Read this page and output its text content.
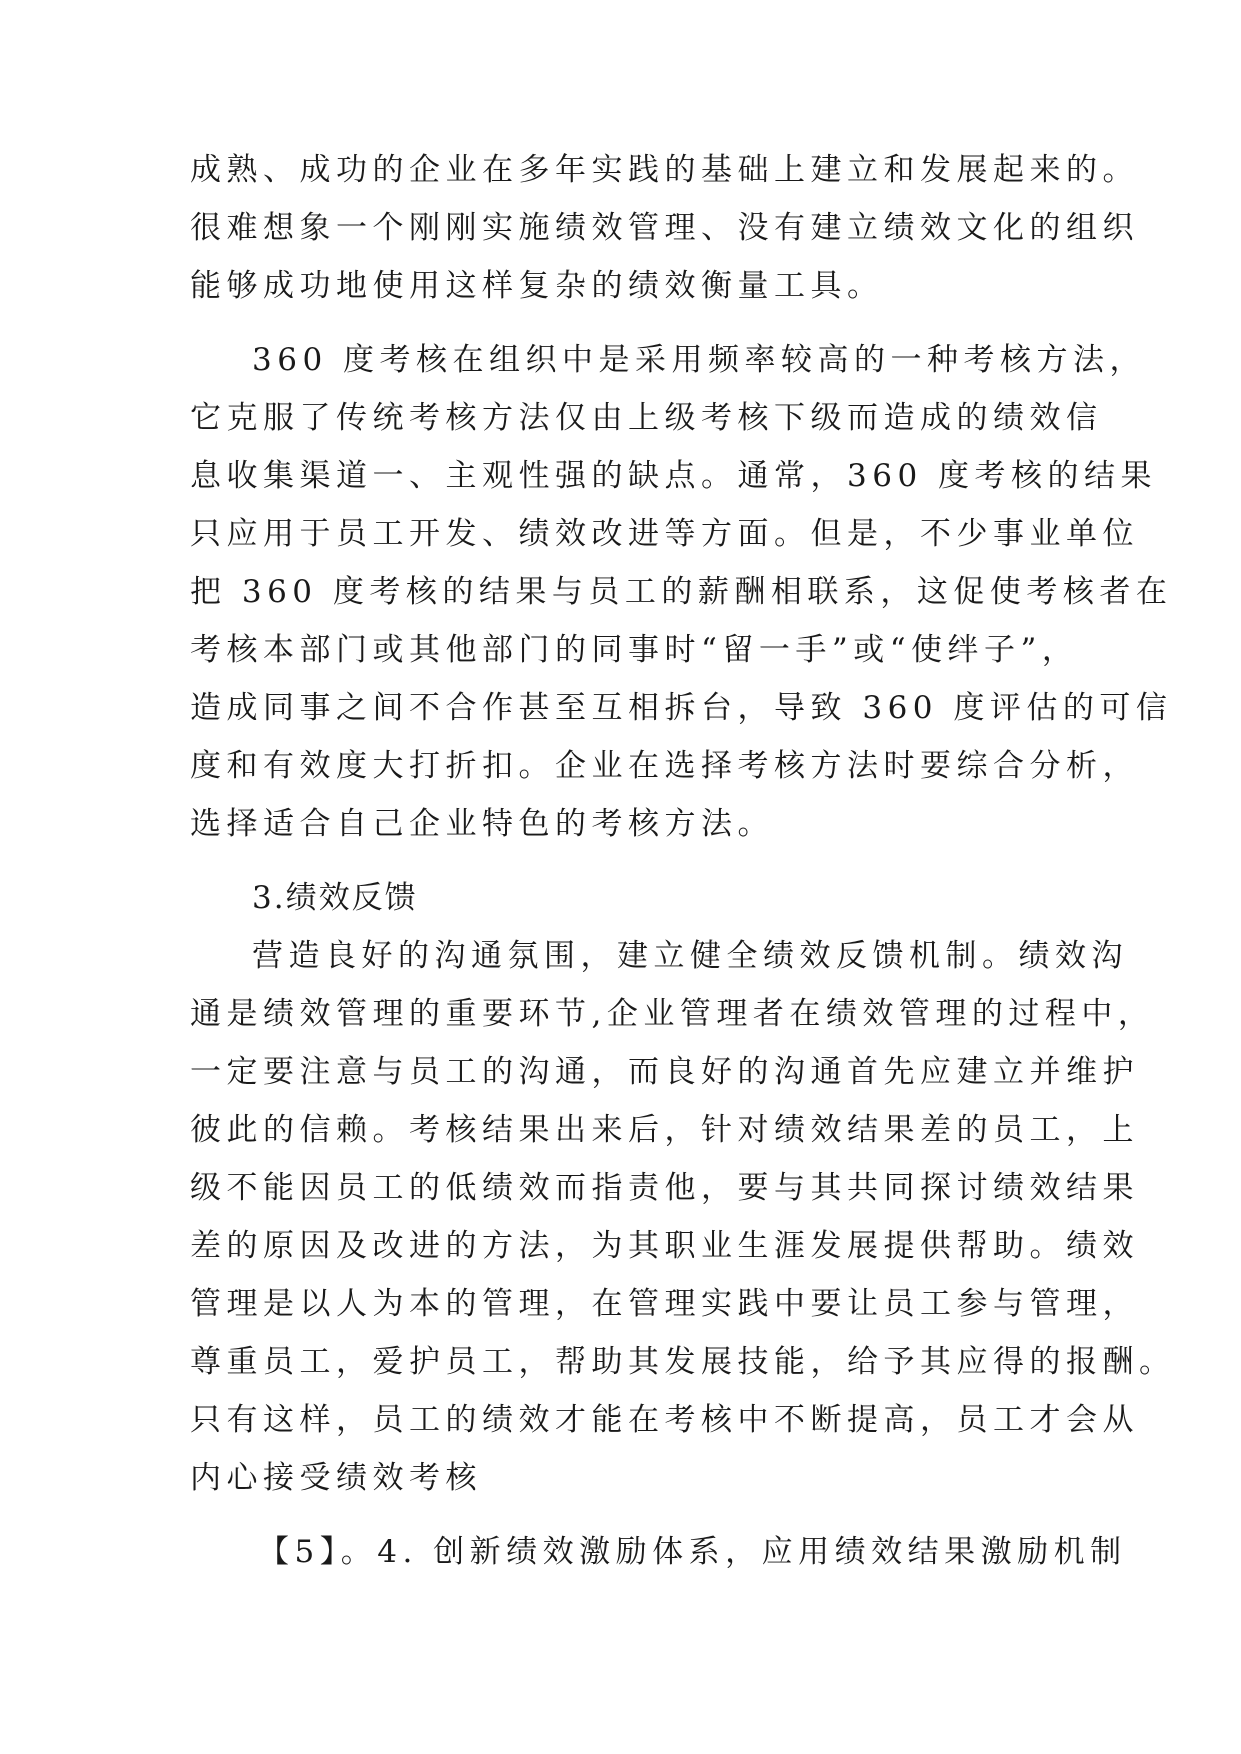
成熟、成功的企业在多年实践的基础上建立和发展起来的。
很难想象一个刚刚实施绩效管理、没有建立绩效文化的组织
能够成功地使用这样复杂的绩效衡量工具。
360 度考核在组织中是采用频率较高的一种考核方法，
它克服了传统考核方法仅由上级考核下级而造成的绩效信
息收集渠道一、主观性强的缺点。通常，360 度考核的结果
只应用于员工开发、绩效改进等方面。但是，不少事业单位
把 360 度考核的结果与员工的薪酬相联系，这促使考核者在
考核本部门或其他部门的同事时“留一手”或“使绊子”，
造成同事之间不合作甚至互相拆台，导致 360 度评估的可信
度和有效度大打折扣。企业在选择考核方法时要综合分析，
选择适合自己企业特色的考核方法。
3.绩效反馈
营造良好的沟通氛围，建立健全绩效反馈机制。绩效沟
通是绩效管理的重要环节,企业管理者在绩效管理的过程中，
一定要注意与员工的沟通，而良好的沟通首先应建立并维护
彼此的信赖。考核结果出来后，针对绩效结果差的员工，上
级不能因员工的低绩效而指责他，要与其共同探讨绩效结果
差的原因及改进的方法，为其职业生涯发展提供帮助。绩效
管理是以人为本的管理，在管理实践中要让员工参与管理，
尊重员工，爱护员工，帮助其发展技能，给予其应得的报酬。
只有这样，员工的绩效才能在考核中不断提高，员工才会从
内心接受绩效考核
【5】。4. 创新绩效激励体系，应用绩效结果激励机制
